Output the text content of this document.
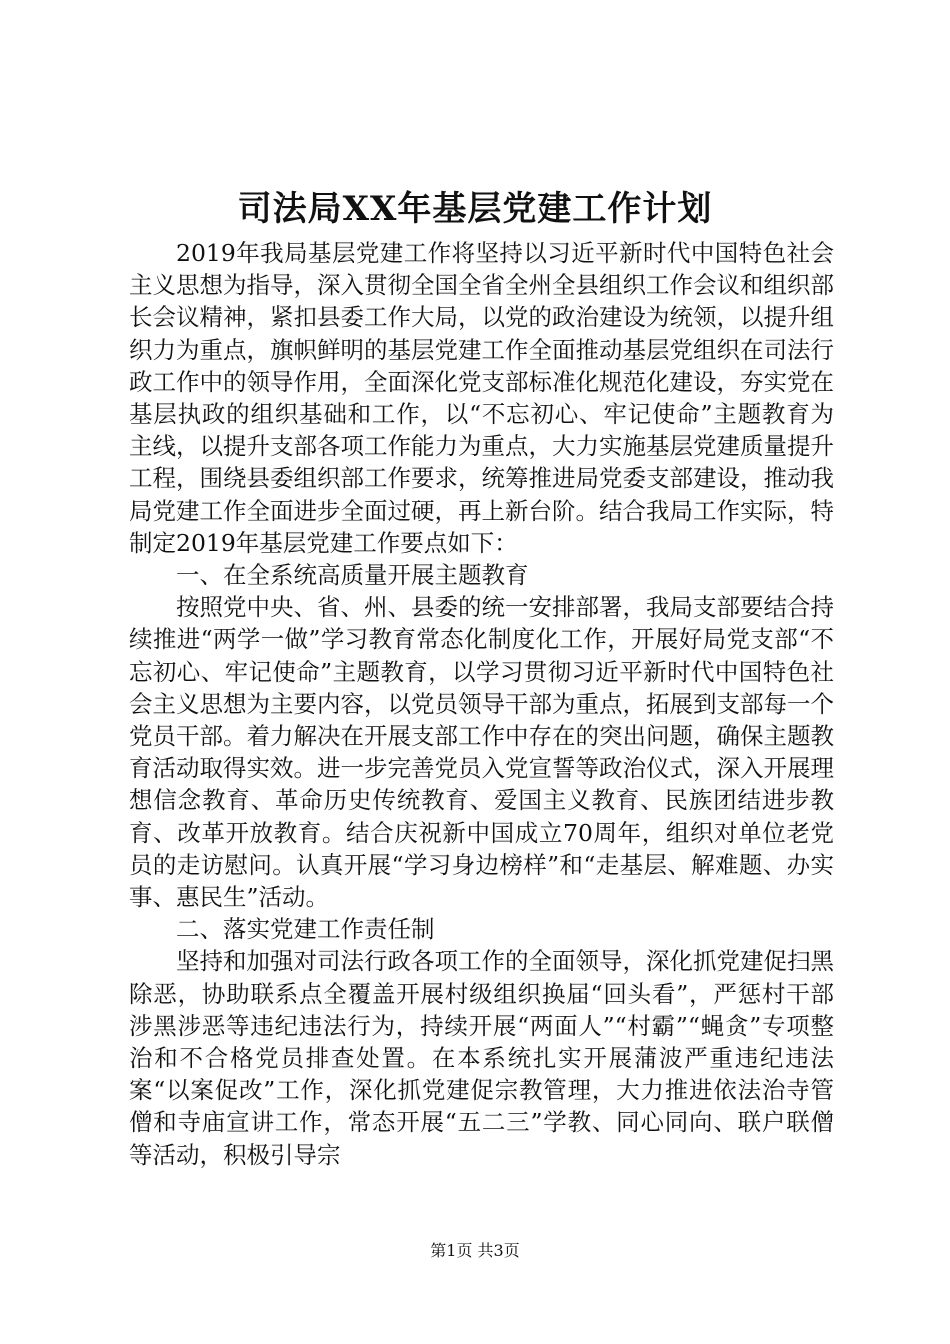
司法局XX年基层党建工作计划

2019年我局基层党建工作将坚持以习近平新时代中国特色社会主义思想为指导，深入贯彻全国全省全州全县组织工作会议和组织部长会议精神，紧扣县委工作大局，以党的政治建设为统领，以提升组织力为重点，旗帜鲜明的基层党建工作全面推动基层党组织在司法行政工作中的领导作用，全面深化党支部标准化规范化建设，夯实党在基层执政的组织基础和工作，以“不忘初心、牢记使命”主题教育为主线，以提升支部各项工作能力为重点，大力实施基层党建质量提升工程，围绕县委组织部工作要求，统筹推进局党委支部建设，推动我局党建工作全面进步全面过硬，再上新台阶。结合我局工作实际，特制定2019年基层党建工作要点如下：

一、在全系统高质量开展主题教育

按照党中央、省、州、县委的统一安排部署，我局支部要结合持续推进“两学一做”学习教育常态化制度化工作，开展好局党支部“不忘初心、牢记使命”主题教育，以学习贯彻习近平新时代中国特色社会主义思想为主要内容，以党员领导干部为重点，拓展到支部每一个党员干部。着力解决在开展支部工作中存在的突出问题，确保主题教育活动取得实效。进一步完善党员入党宣誓等政治仪式，深入开展理想信念教育、革命历史传统教育、爱国主义教育、民族团结进步教育、改革开放教育。结合庆祝新中国成立70周年，组织对单位老党员的走访慰问。认真开展“学习身边榜样”和“走基层、解难题、办实事、惠民生”活动。

二、落实党建工作责任制

坚持和加强对司法行政各项工作的全面领导，深化抓党建促扫黑除恶，协助联系点全覆盖开展村级组织换届“回头看”，严惩村干部涉黑涉恶等违纪违法行为，持续开展“两面人”“村霸”“蝇贪”专项整治和不合格党员排查处置。在本系统扎实开展蒲波严重违纪违法案“以案促改”工作，深化抓党建促宗教管理，大力推进依法治寺管僧和寺庙宣讲工作，常态开展“五二三”学教、同心同向、联户联僧等活动，积极引导宗

第1页 共3页
